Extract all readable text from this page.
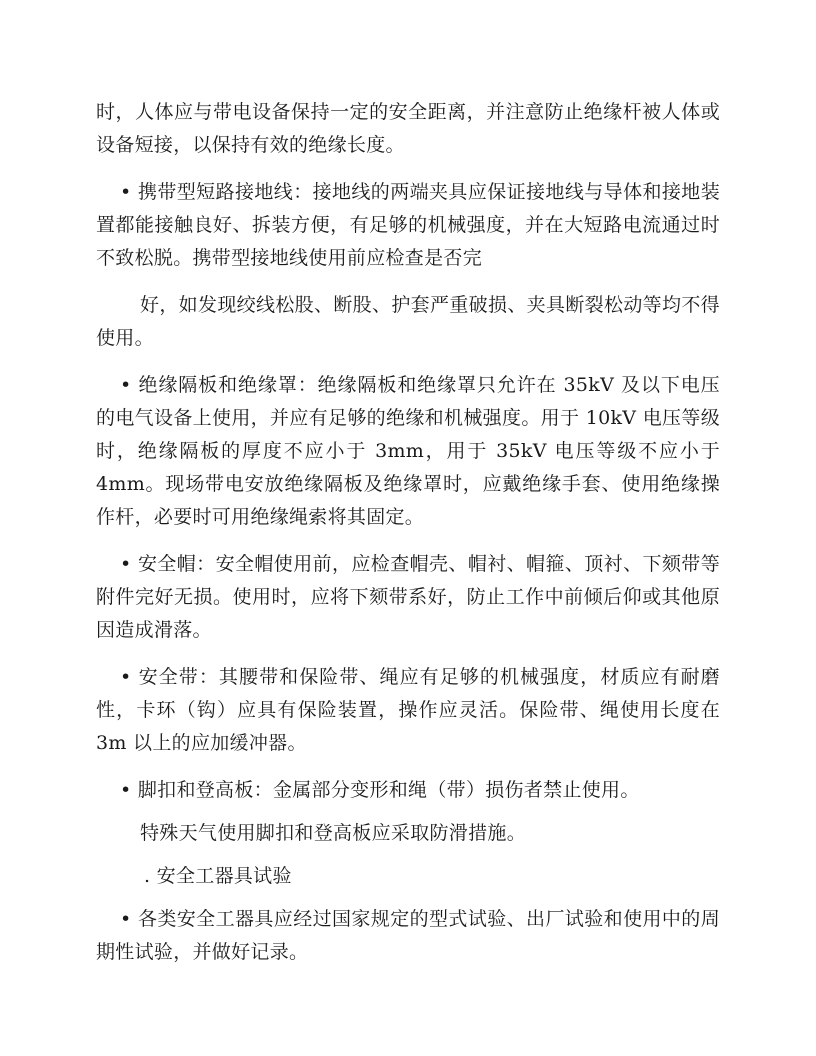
时，人体应与带电设备保持一定的安全距离，并注意防止绝缘杆被人体或设备短接，以保持有效的绝缘长度。

• 携带型短路接地线：接地线的两端夹具应保证接地线与导体和接地装置都能接触良好、拆装方便，有足够的机械强度，并在大短路电流通过时不致松脱。携带型接地线使用前应检查是否完

好，如发现绞线松股、断股、护套严重破损、夹具断裂松动等均不得使用。

• 绝缘隔板和绝缘罩：绝缘隔板和绝缘罩只允许在 35kV 及以下电压的电气设备上使用，并应有足够的绝缘和机械强度。用于 10kV 电压等级时，绝缘隔板的厚度不应小于 3mm，用于 35kV 电压等级不应小于 4mm。现场带电安放绝缘隔板及绝缘罩时，应戴绝缘手套、使用绝缘操作杆，必要时可用绝缘绳索将其固定。

• 安全帽：安全帽使用前，应检查帽壳、帽衬、帽箍、顶衬、下颏带等附件完好无损。使用时，应将下颏带系好，防止工作中前倾后仰或其他原因造成滑落。

• 安全带：其腰带和保险带、绳应有足够的机械强度，材质应有耐磨性，卡环（钩）应具有保险装置，操作应灵活。保险带、绳使用长度在 3m 以上的应加缓冲器。

• 脚扣和登高板：金属部分变形和绳（带）损伤者禁止使用。

特殊天气使用脚扣和登高板应采取防滑措施。

. 安全工器具试验

• 各类安全工器具应经过国家规定的型式试验、出厂试验和使用中的周期性试验，并做好记录。
